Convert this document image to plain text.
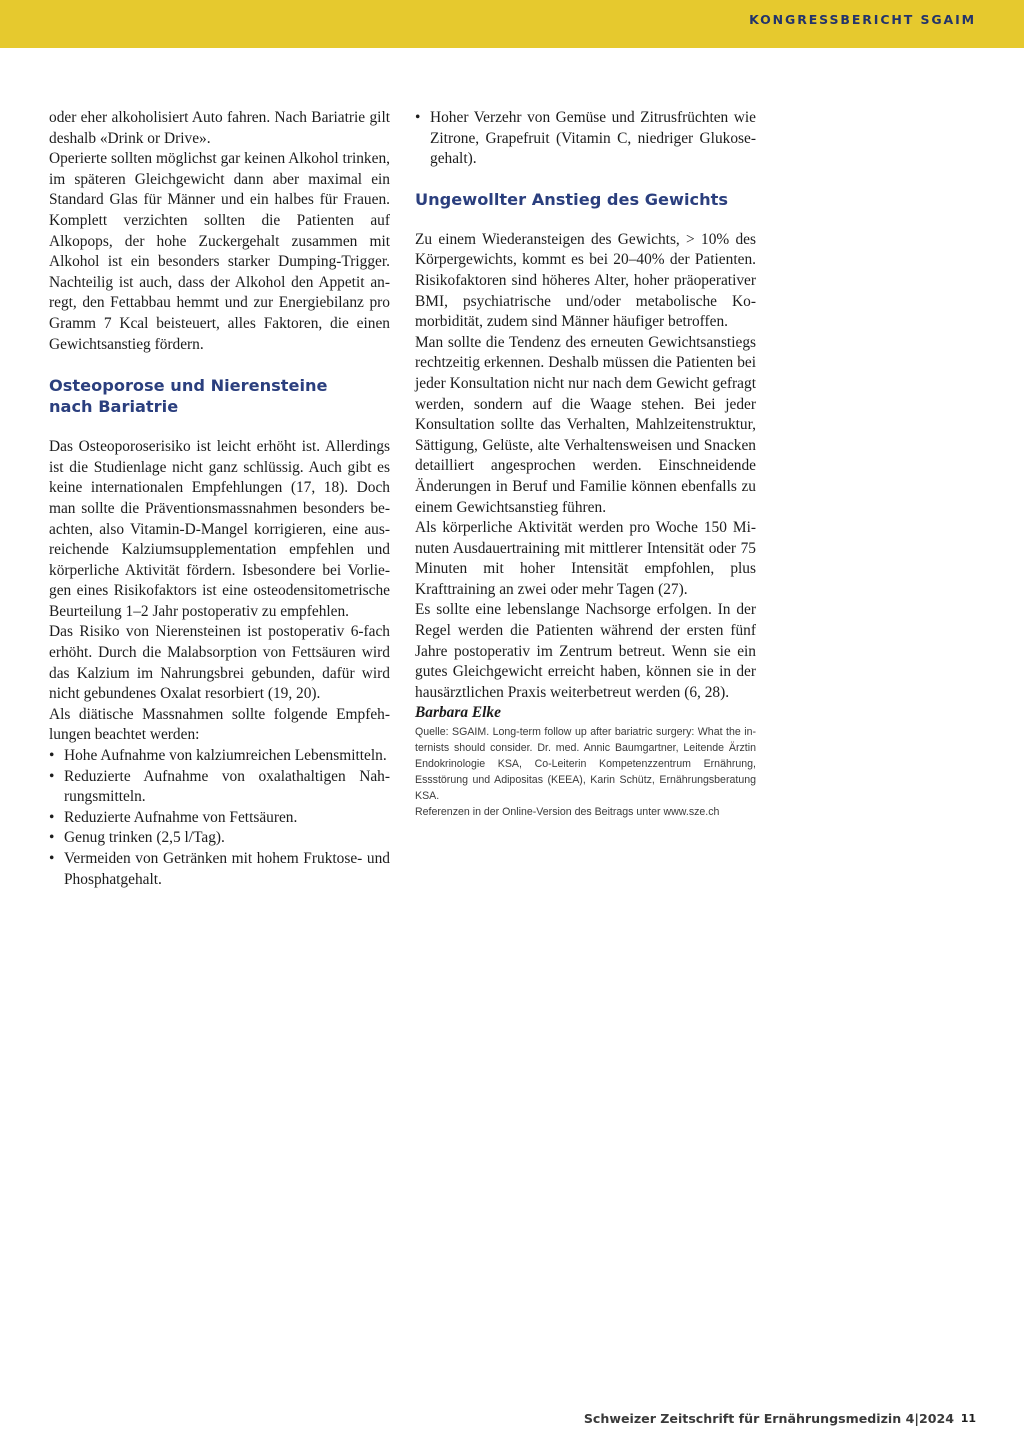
KONGRESSBERICHT SGAIM

oder eher alkoholisiert Auto fahren. Nach Bariatrie gilt deshalb «Drink or Drive».

Operierte sollten möglichst gar keinen Alkohol trinken, im späteren Gleichgewicht dann aber maximal ein Standard Glas für Männer und ein halbes für Frauen. Komplett verzichten sollten die Patienten auf Alkopops, der hohe Zuckergehalt zusammen mit Alkohol ist ein besonders starker Dumping-Trigger. Nachteilig ist auch, dass der Alkohol den Appetit anregt, den Fettabbau hemmt und zur Energiebilanz pro Gramm 7 Kcal beisteuert, alles Faktoren, die einen Gewichtsanstieg fördern.

Osteoporose und Nierensteine
nach Bariatrie

Das Osteoporoserisiko ist leicht erhöht ist. Allerdings ist die Studienlage nicht ganz schlüssig. Auch gibt es keine internationalen Empfehlungen (17, 18). Doch man sollte die Präventionsmassnahmen besonders beachten, also Vitamin-D-Mangel korrigieren, eine ausreichende Kalziumsupplementation empfehlen und körperliche Aktivität fördern. Isbesondere bei Vorliegen eines Risikofaktors ist eine osteodensitometrische Beurteilung 1–2 Jahr postoperativ zu empfehlen.

Das Risiko von Nierensteinen ist postoperativ 6-fach erhöht. Durch die Malabsorption von Fettsäuren wird das Kalzium im Nahrungsbrei gebunden, dafür wird nicht gebundenes Oxalat resorbiert (19, 20).

Als diätische Massnahmen sollte folgende Empfehlungen beachtet werden:

• Hohe Aufnahme von kalziumreichen Lebensmitteln.
• Reduzierte Aufnahme von oxalathaltigen Nahrungsmitteln.
• Reduzierte Aufnahme von Fettsäuren.
• Genug trinken (2,5 l/Tag).
• Vermeiden von Getränken mit hohem Fruktose- und Phosphatgehalt.
• Hoher Verzehr von Gemüse und Zitrusfrüchten wie Zitrone, Grapefruit (Vitamin C, niedriger Glukosegehalt).
Ungewollter Anstieg des Gewichts

Zu einem Wiederansteigen des Gewichts, > 10% des Körpergewichts, kommt es bei 20–40% der Patienten. Risikofaktoren sind höheres Alter, hoher präoperativer BMI, psychiatrische und/oder metabolische Komorbidität, zudem sind Männer häufiger betroffen.

Man sollte die Tendenz des erneuten Gewichtsanstiegs rechtzeitig erkennen. Deshalb müssen die Patienten bei jeder Konsultation nicht nur nach dem Gewicht gefragt werden, sondern auf die Waage stehen. Bei jeder Konsultation sollte das Verhalten, Mahlzeitenstruktur, Sättigung, Gelüste, alte Verhaltensweisen und Snacken detailliert angesprochen werden. Einschneidende Änderungen in Beruf und Familie können ebenfalls zu einem Gewichtsanstieg führen.

Als körperliche Aktivität werden pro Woche 150 Minuten Ausdauertraining mit mittlerer Intensität oder 75 Minuten mit hoher Intensität empfohlen, plus Krafttraining an zwei oder mehr Tagen (27).

Es sollte eine lebenslange Nachsorge erfolgen. In der Regel werden die Patienten während der ersten fünf Jahre postoperativ im Zentrum betreut. Wenn sie ein gutes Gleichgewicht erreicht haben, können sie in der hausärztlichen Praxis weiterbetreut werden (6, 28).

Barbara Elke

Quelle: SGAIM. Long-term follow up after bariatric surgery: What the internists should consider. Dr. med. Annic Baumgartner, Leitende Ärztin Endokrinologie KSA, Co-Leiterin Kompetenzzentrum Ernährung, Essstörung und Adipositas (KEEA), Karin Schütz, Ernährungsberatung KSA.

Referenzen in der Online-Version des Beitrags unter www.sze.ch

Schweizer Zeitschrift für Ernährungsmedizin 4|2024 11
